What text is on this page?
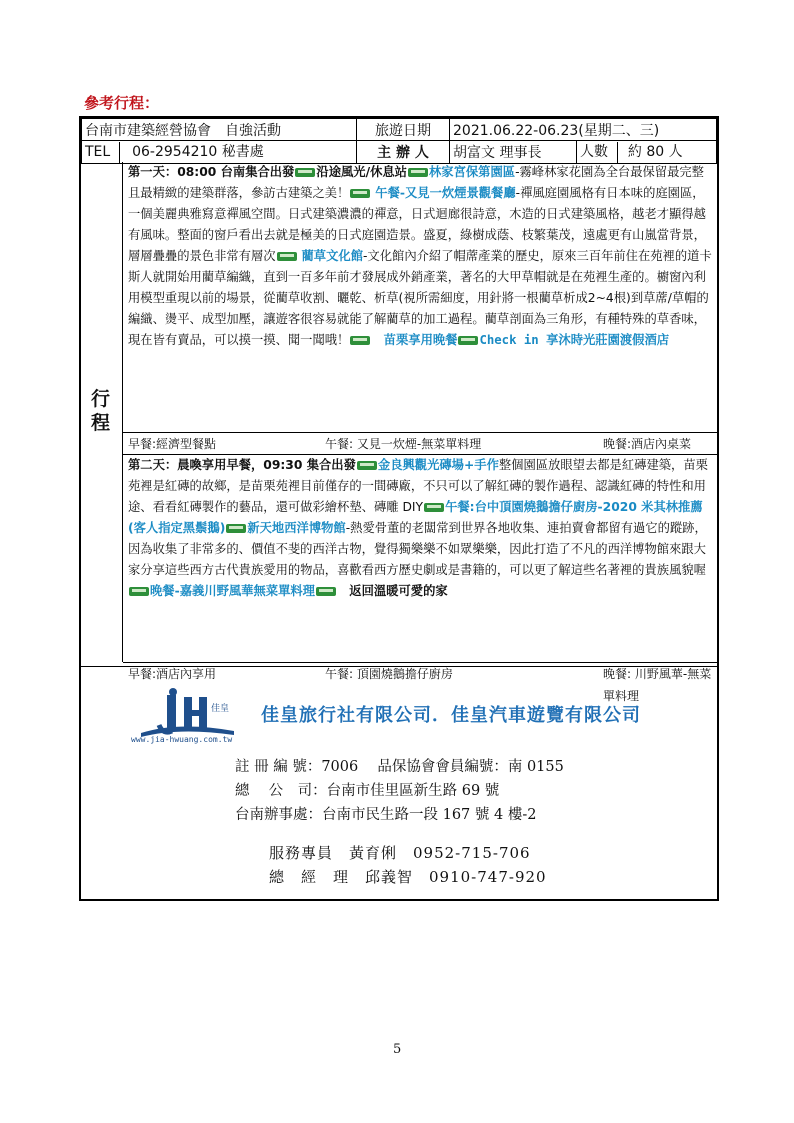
參考行程：
台南市建築經營協會　自強活動	旅遊日期	2021.06.22-06.23(星期二、三)	
TEL 06-2954210 秘書處	主 辦 人	胡富文 理事長	人數 約 80 人
行程
第一天：08:00 台南集合出發 沿途風光/休息站 林家宮保第園區-霧峰林家花園為全台最保留最完整且最精緻的建築群落，參訪古建築之美！ 午餐-又見一炊煙景觀餐廳-禪風庭園風格有日本味的庭園區，一個美麗典雅寫意禪風空間。日式建築濃濃的禪意，日式迴廊很詩意，木造的日式建築風格，越老才顯得越有風味。整面的窗戶看出去就是極美的日式庭園造景。盛夏，綠樹成蔭、枝繁葉茂，遠處更有山嵐當背景，層層疊疊的景色非常有層次 藺草文化館-文化館內介紹了帽蓆產業的歷史，原來三百年前住在苑裡的道卡斯人就開始用藺草編織，直到一百多年前才發展成外銷產業，著名的大甲草帽就是在苑裡生產的。櫥窗內利用模型重現以前的場景，從藺草收割、曬乾、析草(視所需細度，用針將一根藺草析成2~4根)到草蓆/草帽的編織、燙平、成型加壓，讓遊客很容易就能了解藺草的加工過程。藺草剖面為三角形，有種特殊的草香味，現在皆有賣品，可以摸一摸、聞一聞哦！　	苗栗享用晚餐 Check in 享沐時光莊園渡假酒店
早餐:經濟型餐點	午餐: 又見一炊煙-無菜單料理	晚餐:酒店內桌菜
第二天：晨喚享用早餐，09:30 集合出發 金良興觀光磚場+手作整個園區放眼望去都是紅磚建築，苗栗苑裡是紅磚的故鄉，是苗栗苑裡目前僅存的一間磚廠，不只可以了解紅磚的製作過程、認識紅磚的特性和用途、看看紅磚製作的藝品，還可做彩繪杯墊、磚雕 DIY 午餐:台中頂園燒鵝擔仔廚房-2020 米其林推薦(客人指定黑鬃鵝) 新天地西洋博物館-熱愛骨董的老闆常到世界各地收集、連拍賣會都留有過它的蹤跡，因為收集了非常多的、價值不斐的西洋古物，覺得獨樂樂不如眾樂樂，因此打造了不凡的西洋博物館來跟大家分享這些西方古代貴族愛用的物品，喜歡看西方歷史劇或是書籍的，可以更了解這些名著裡的貴族風貌喔晚餐-嘉義川野風華無菜單料理　	返回溫暖可愛的家
早餐:酒店內享用	午餐: 頂園燒鵝擔仔廚房	晚餐: 川野風華-無菜單料理
佳皇
www.jia-hwuang.com.tw
佳皇旅行社有限公司．佳皇汽車遊覽有限公司
註 冊 編 號：7006　 品保協會會員編號：南 0155
總　 公　司：台南市佳里區新生路 69 號
台南辦事處：台南市民生路一段 167 號 4 樓-2
服務專員　黃育俐　0952-715-706
總　經　理　邱義智　0910-747-920
5
